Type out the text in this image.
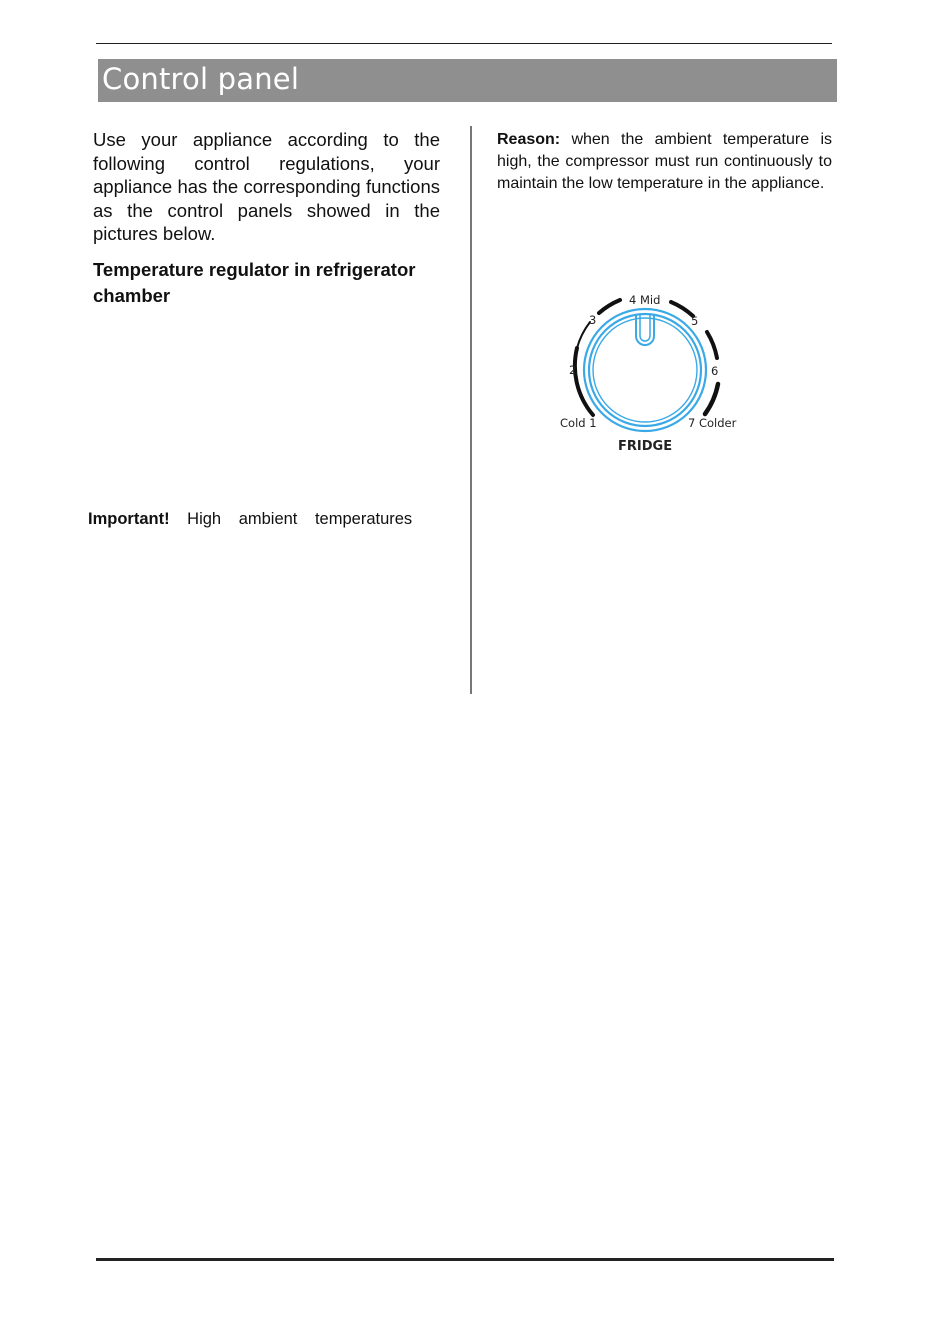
Control panel

Use your appliance according to the following control regulations, your appliance has the corresponding functions as the control panels showed in the pictures below.

Temperature regulator in refrigerator chamber

Important! High ambient temperatures

Reason: when the ambient temperature is high, the compressor must run continuously to maintain the low temperature in the appliance.

Cold 1
2
3
4 Mid
5
6
7 Colder
FRIDGE
